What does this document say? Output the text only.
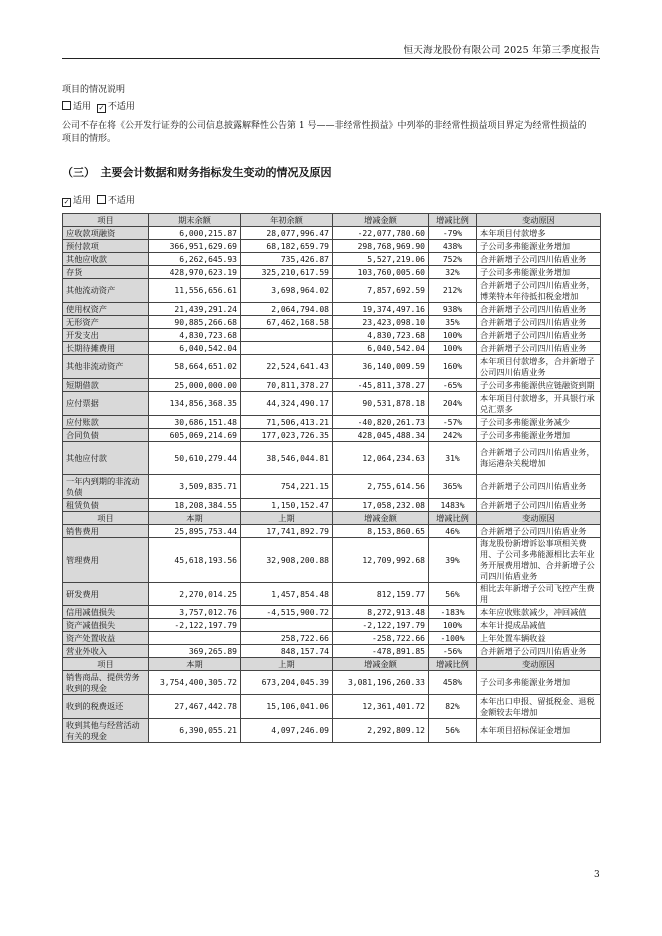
恒天海龙股份有限公司 2025 年第三季度报告
项目的情况说明
适用 ✓ 不适用
公司不存在将《公开发行证券的公司信息披露解释性公告第 1 号——非经常性损益》中列举的非经常性损益项目界定为经常性损益的项目的情形。
（三）　主要会计数据和财务指标发生变动的情况及原因
✓ 适用 不适用
项目	期末余额	年初余额	增减金额	增减比例	变动原因
应收款项融资	6,000,215.87	28,077,996.47	-22,077,780.60	-79%	本年项目付款增多
预付款项	366,951,629.69	68,182,659.79	298,768,969.90	438%	子公司多弗能源业务增加
其他应收款	6,262,645.93	735,426.87	5,527,219.06	752%	合并新增子公司四川佑盾业务
存货	428,970,623.19	325,210,617.59	103,760,005.60	32%	子公司多弗能源业务增加
其他流动资产	11,556,656.61	3,698,964.02	7,857,692.59	212%	合并新增子公司四川佑盾业务，博莱特本年待抵扣税金增加
使用权资产	21,439,291.24	2,064,794.08	19,374,497.16	938%	合并新增子公司四川佑盾业务
无形资产	90,885,266.68	67,462,168.58	23,423,098.10	35%	合并新增子公司四川佑盾业务
开发支出	4,830,723.68		4,830,723.68	100%	合并新增子公司四川佑盾业务
长期待摊费用	6,040,542.04		6,040,542.04	100%	合并新增子公司四川佑盾业务
其他非流动资产	58,664,651.02	22,524,641.43	36,140,009.59	160%	本年项目付款增多，合并新增子公司四川佑盾业务
短期借款	25,000,000.00	70,811,378.27	-45,811,378.27	-65%	子公司多弗能源供应链融资到期
应付票据	134,856,368.35	44,324,490.17	90,531,878.18	204%	本年项目付款增多，开具银行承兑汇票多
应付账款	30,686,151.48	71,506,413.21	-40,820,261.73	-57%	子公司多弗能源业务减少
合同负债	605,069,214.69	177,023,726.35	428,045,488.34	242%	子公司多弗能源业务增加
其他应付款	50,610,279.44	38,546,044.81	12,064,234.63	31%	合并新增子公司四川佑盾业务，海运港杂关税增加
一年内到期的非流动负债	3,509,835.71	754,221.15	2,755,614.56	365%	合并新增子公司四川佑盾业务
租赁负债	18,208,384.55	1,150,152.47	17,058,232.08	1483%	合并新增子公司四川佑盾业务
项目	本期	上期	增减金额	增减比例	变动原因
销售费用	25,895,753.44	17,741,892.79	8,153,860.65	46%	合并新增子公司四川佑盾业务
管理费用	45,618,193.56	32,908,200.88	12,709,992.68	39%	海龙股份新增诉讼事项相关费用、子公司多弗能源相比去年业务开展费用增加、合并新增子公司四川佑盾业务
研发费用	2,270,014.25	1,457,854.48	812,159.77	56%	相比去年新增子公司飞控产生费用
信用减值损失	3,757,012.76	-4,515,900.72	8,272,913.48	-183%	本年应收账款减少，冲回减值
资产减值损失	-2,122,197.79		-2,122,197.79	100%	本年计提成品减值
资产处置收益		258,722.66	-258,722.66	-100%	上年处置车辆收益
营业外收入	369,265.89	848,157.74	-478,891.85	-56%	合并新增子公司四川佑盾业务
项目	本期	上期	增减金额	增减比例	变动原因
销售商品、提供劳务收到的现金	3,754,400,305.72	673,204,045.39	3,081,196,260.33	458%	子公司多弗能源业务增加
收到的税费返还	27,467,442.78	15,106,041.06	12,361,401.72	82%	本年出口申报、留抵税金、退税金额较去年增加
收到其他与经营活动有关的现金	6,390,055.21	4,097,246.09	2,292,809.12	56%	本年项目招标保证金增加
3
